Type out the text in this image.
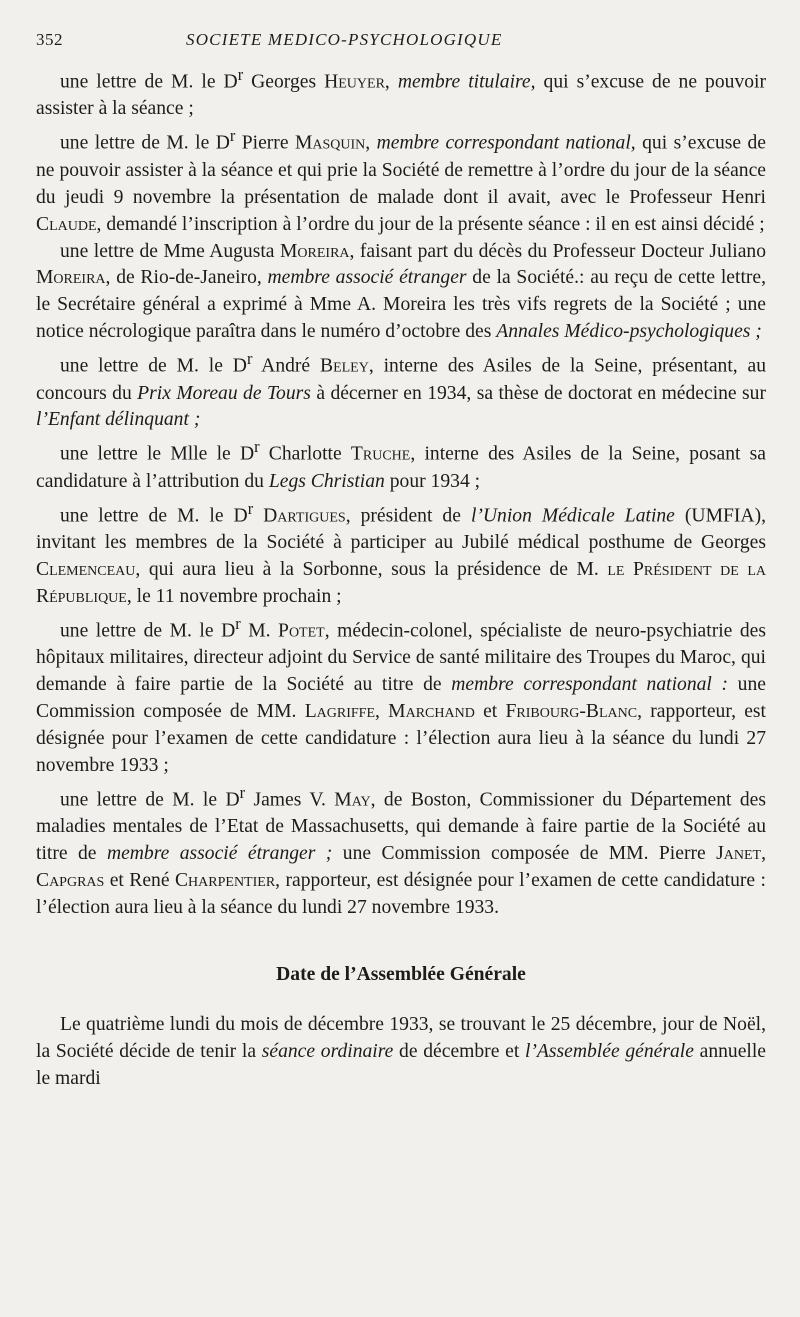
352	SOCIETE MEDICO-PSYCHOLOGIQUE

une lettre de M. le $D^r$ Georges Heuyer, membre titulaire, qui s’excuse de ne pouvoir assister à la séance ;

une lettre de M. le $D^r$ Pierre Masquin, membre correspondant national, qui s’excuse de ne pouvoir assister à la séance et qui prie la Société de remettre à l’ordre du jour de la séance du jeudi 9 novembre la présentation de malade dont il avait, avec le Professeur Henri Claude, demandé l’inscription à l’ordre du jour de la présente séance : il en est ainsi décidé ;

une lettre de Mme Augusta Moreira, faisant part du décès du Professeur Docteur Juliano Moreira, de Rio-de-Janeiro, membre associé étranger de la Société.: au reçu de cette lettre, le Secrétaire général a exprimé à Mme A. Moreira les très vifs regrets de la Société ; une notice nécrologique paraîtra dans le numéro d’octobre des Annales Médico-psychologiques ;

une lettre de M. le $D^r$ André Beley, interne des Asiles de la Seine, présentant, au concours du Prix Moreau de Tours à décerner en 1934, sa thèse de doctorat en médecine sur l’Enfant délinquant ;

une lettre le Mlle le $D^r$ Charlotte Truche, interne des Asiles de la Seine, posant sa candidature à l’attribution du Legs Christian pour 1934 ;

une lettre de M. le $D^r$ Dartigues, président de l’Union Médicale Latine (UMFIA), invitant les membres de la Société à participer au Jubilé médical posthume de Georges Clemenceau, qui aura lieu à la Sorbonne, sous la présidence de M. le Président de la République, le 11 novembre prochain ;

une lettre de M. le $D^r$ M. Potet, médecin-colonel, spécialiste de neuro-psychiatrie des hôpitaux militaires, directeur adjoint du Service de santé militaire des Troupes du Maroc, qui demande à faire partie de la Société au titre de membre correspondant national : une Commission composée de MM. Lagriffe, Marchand et Fribourg-Blanc, rapporteur, est désignée pour l’examen de cette candidature : l’élection aura lieu à la séance du lundi 27 novembre 1933 ;

une lettre de M. le $D^r$ James V. May, de Boston, Commissioner du Département des maladies mentales de l’Etat de Massachusetts, qui demande à faire partie de la Société au titre de membre associé étranger ; une Commission composée de MM. Pierre Janet, Capgras et René Charpentier, rapporteur, est désignée pour l’examen de cette candidature : l’élection aura lieu à la séance du lundi 27 novembre 1933.

Date de l’Assemblée Générale

Le quatrième lundi du mois de décembre 1933, se trouvant le 25 décembre, jour de Noël, la Société décide de tenir la séance ordinaire de décembre et l’Assemblée générale annuelle le mardi
